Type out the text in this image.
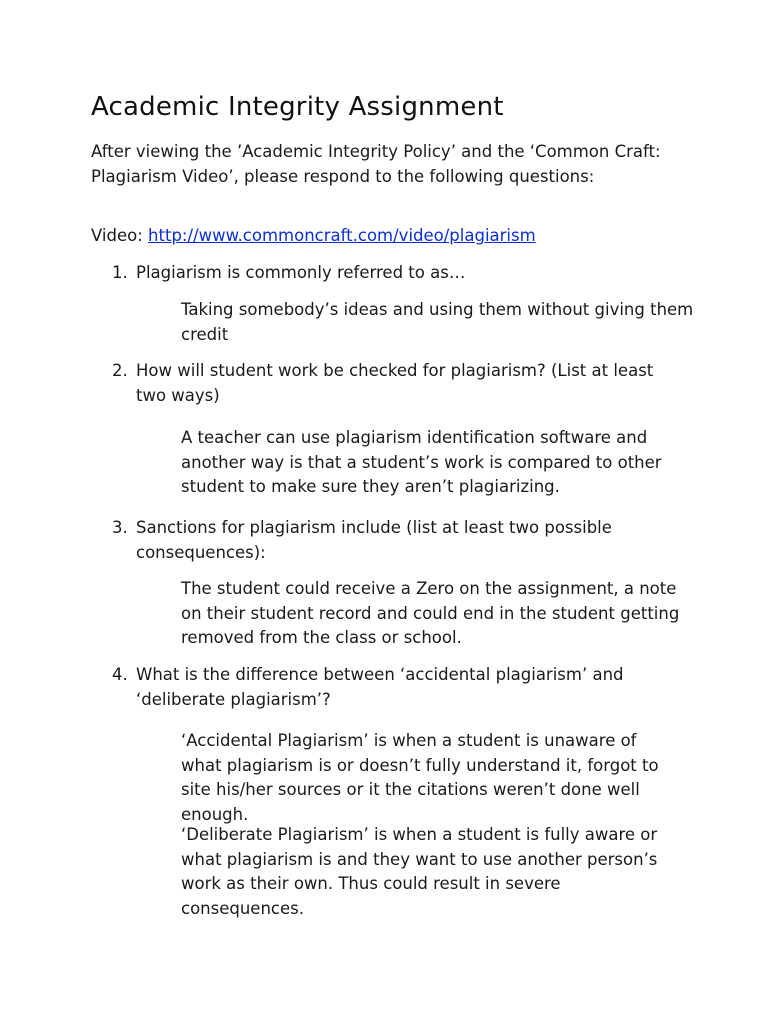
Academic Integrity Assignment

After viewing the ’Academic Integrity Policy’ and the ‘Common Craft: Plagiarism Video’, please respond to the following questions:

Video: http://www.commoncraft.com/video/plagiarism

1. Plagiarism is commonly referred to as…

Taking somebody’s ideas and using them without giving them credit

2. How will student work be checked for plagiarism? (List at least two ways)

A teacher can use plagiarism identification software and another way is that a student’s work is compared to other student to make sure they aren’t plagiarizing.

3. Sanctions for plagiarism include (list at least two possible consequences):

The student could receive a Zero on the assignment, a note on their student record and could end in the student getting removed from the class or school.

4. What is the difference between ‘accidental plagiarism’ and ‘deliberate plagiarism’?

‘Accidental Plagiarism’ is when a student is unaware of what plagiarism is or doesn’t fully understand it, forgot to site his/her sources or it the citations weren’t done well enough.

‘Deliberate Plagiarism’ is when a student is fully aware or what plagiarism is and they want to use another person’s work as their own. Thus could result in severe consequences.
